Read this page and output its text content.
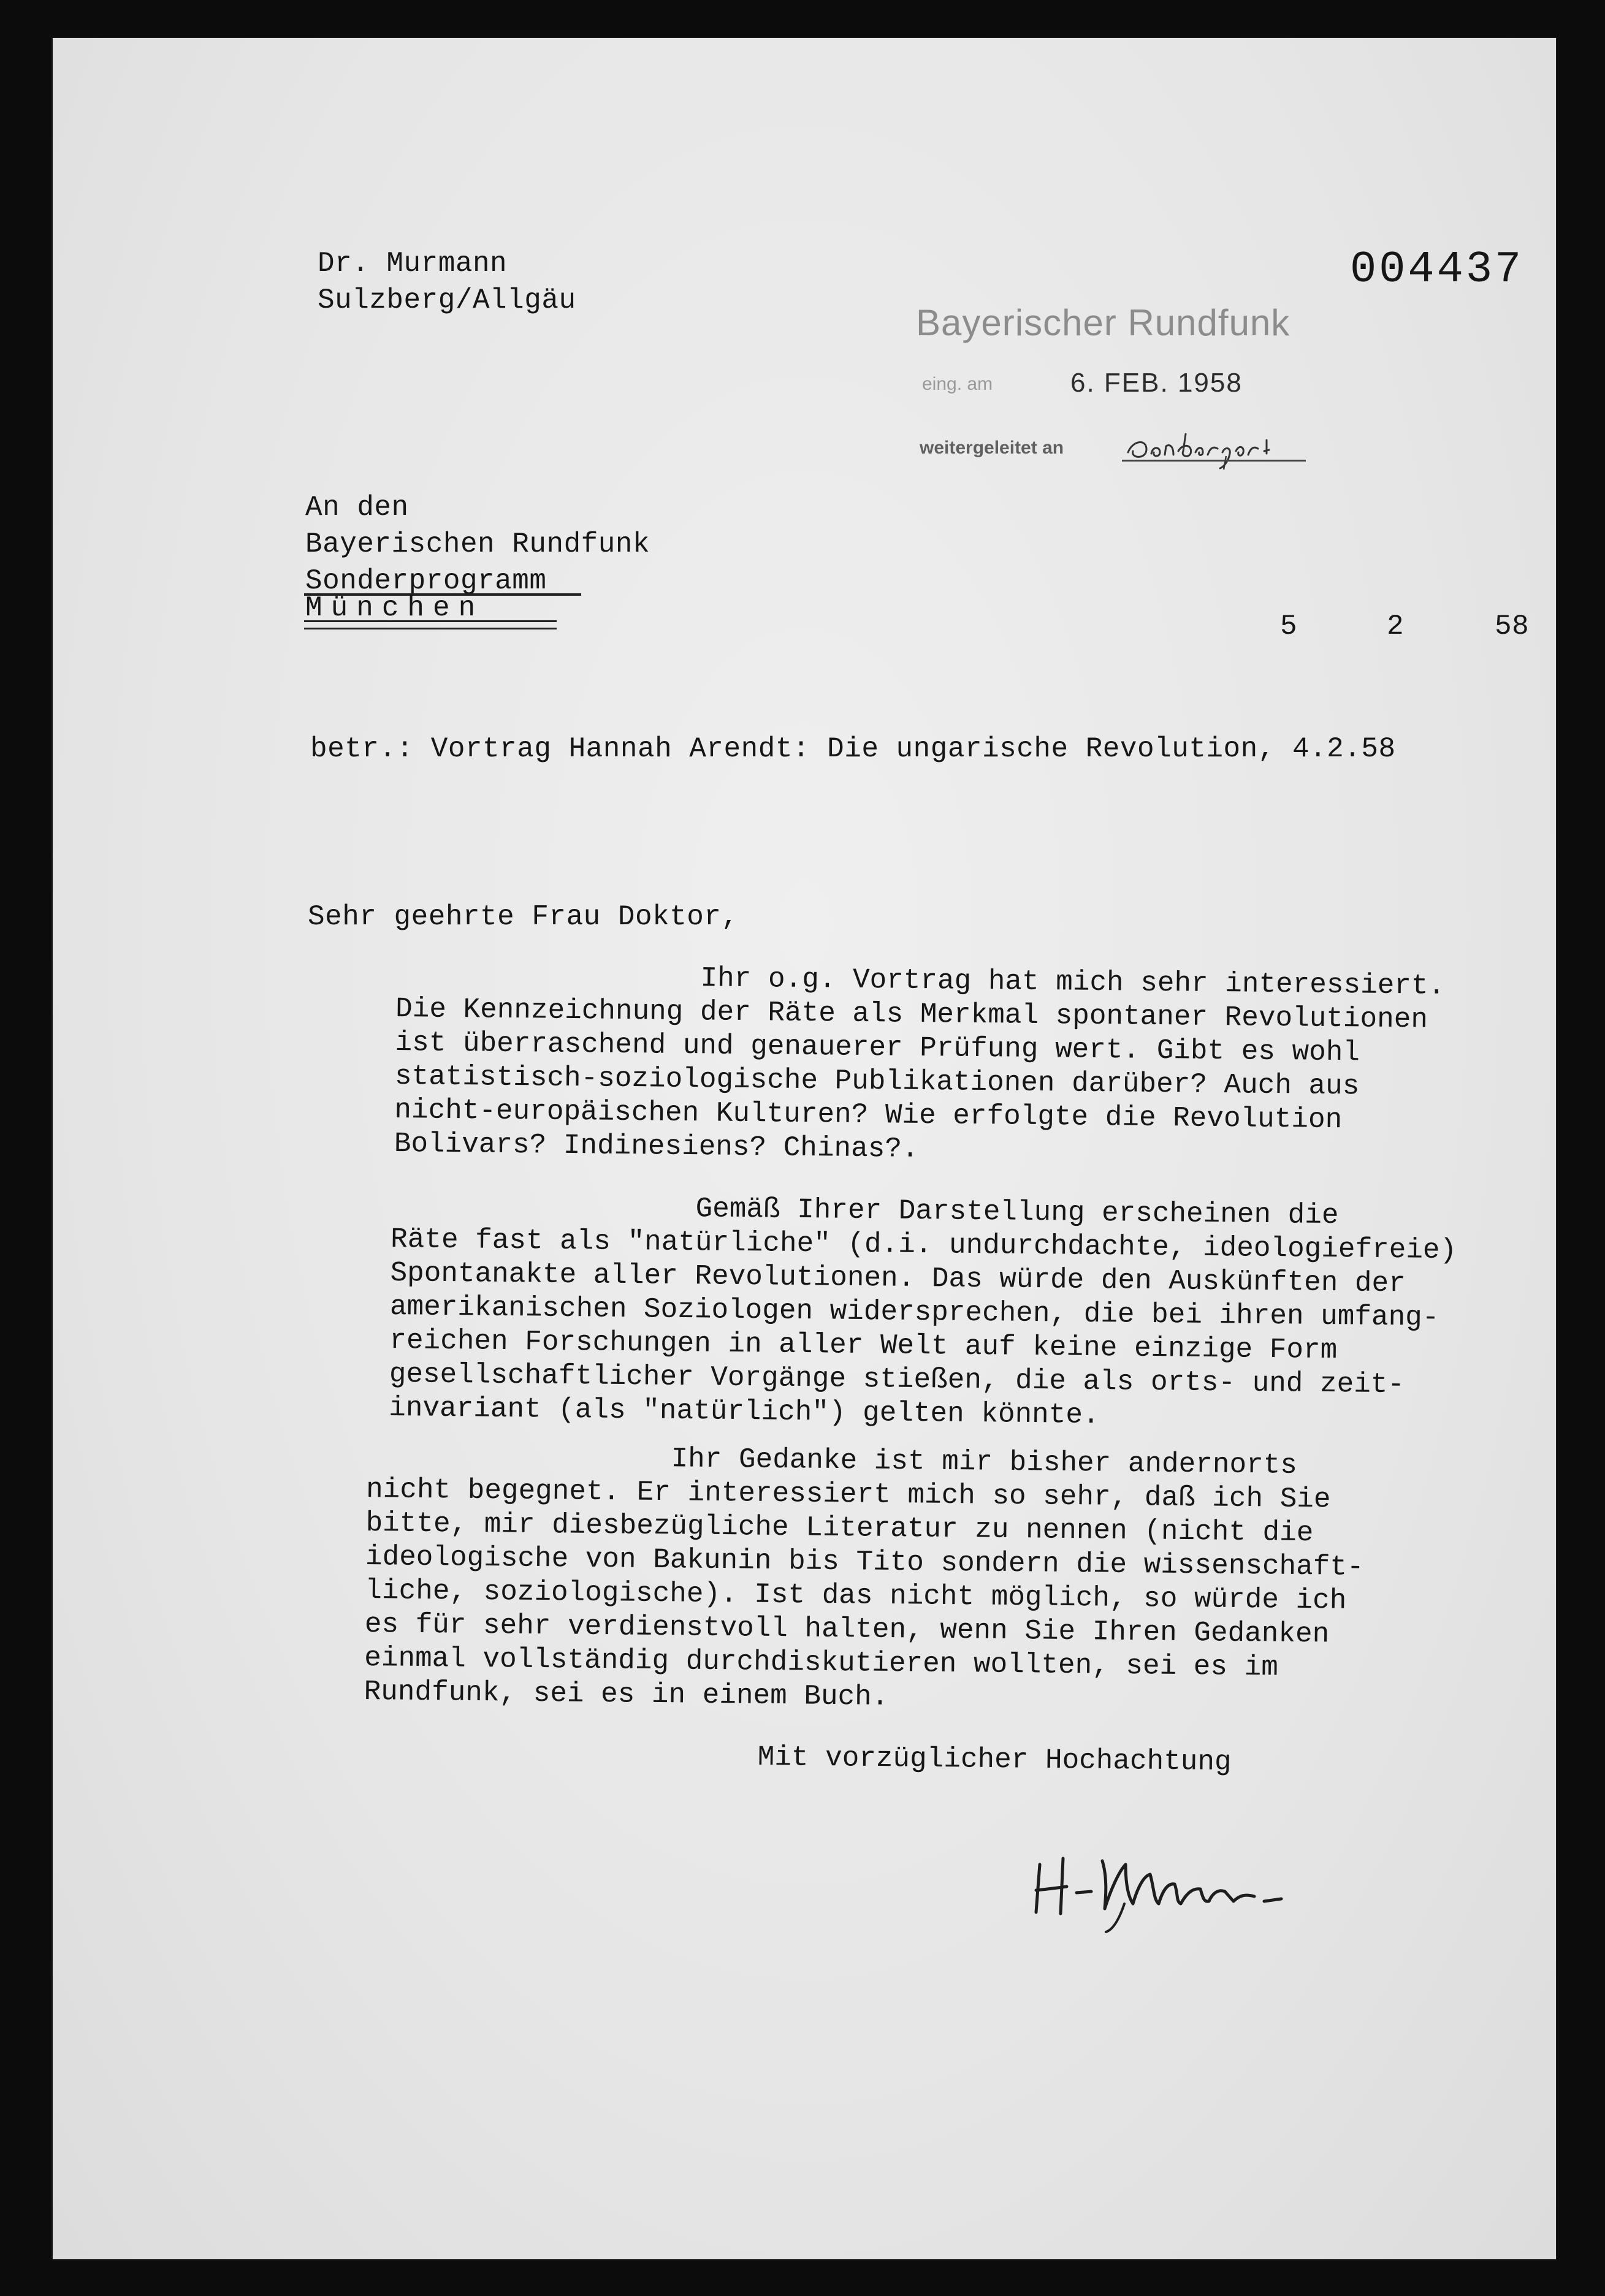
Dr. Murmann
Sulzberg/Allgäu
004437
Bayerischer Rundfunk
eing. am	6. FEB. 1958
weitergeleitet an
An den
Bayerischen Rundfunk
Sonderprogramm
München
5	2	58
betr.: Vortrag Hannah Arendt: Die ungarische Revolution, 4.2.58
Sehr geehrte Frau Doktor,
Ihr o.g. Vortrag hat mich sehr interessiert.
Die Kennzeichnung der Räte als Merkmal spontaner Revolutionen
ist überraschend und genauerer Prüfung wert. Gibt es wohl
statistisch-soziologische Publikationen darüber? Auch aus
nicht-europäischen Kulturen? Wie erfolgte die Revolution
Bolivars? Indinesiens? Chinas?.
Gemäß Ihrer Darstellung erscheinen die
Räte fast als "natürliche" (d.i. undurchdachte, ideologiefreie)
Spontanakte aller Revolutionen. Das würde den Auskünften der
amerikanischen Soziologen widersprechen, die bei ihren umfang-
reichen Forschungen in aller Welt auf keine einzige Form
gesellschaftlicher Vorgänge stießen, die als orts- und zeit-
invariant (als "natürlich") gelten könnte.
Ihr Gedanke ist mir bisher andernorts
nicht begegnet. Er interessiert mich so sehr, daß ich Sie
bitte, mir diesbezügliche Literatur zu nennen (nicht die
ideologische von Bakunin bis Tito sondern die wissenschaft-
liche, soziologische). Ist das nicht möglich, so würde ich
es für sehr verdienstvoll halten, wenn Sie Ihren Gedanken
einmal vollständig durchdiskutieren wollten, sei es im
Rundfunk, sei es in einem Buch.
Mit vorzüglicher Hochachtung
